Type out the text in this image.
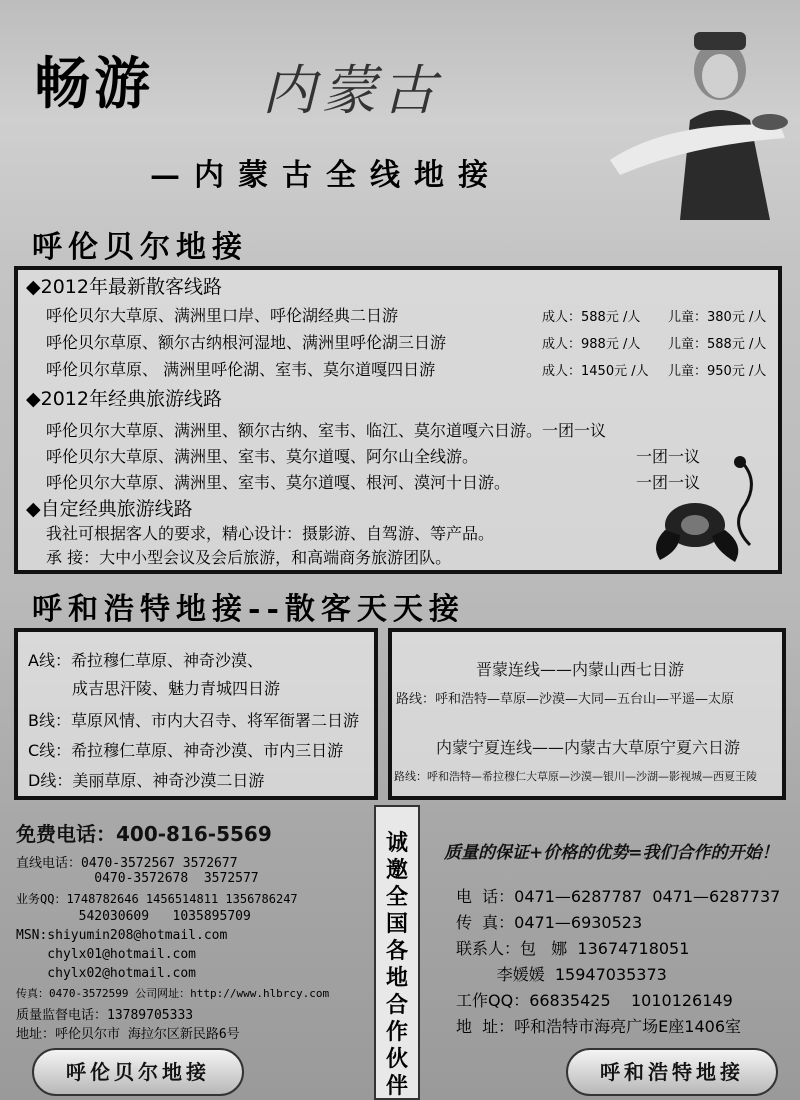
畅游 内蒙古
—内蒙古全线地接
呼伦贝尔地接
◆2012年最新散客线路
呼伦贝尔大草原、满洲里口岸、呼伦湖经典二日游	成人：588元 /人 儿童：380元 /人
呼伦贝尔草原、额尔古纳根河湿地、满洲里呼伦湖三日游	成人：988元 /人 儿童：588元 /人
呼伦贝尔草原、 满洲里呼伦湖、室韦、莫尔道嘎四日游	成人：1450元 /人 儿童：950元 /人
◆2012年经典旅游线路
呼伦贝尔大草原、满洲里、额尔古纳、室韦、临江、莫尔道嘎六日游。一团一议
呼伦贝尔大草原、满洲里、室韦、莫尔道嘎、阿尔山全线游。	一团一议
呼伦贝尔大草原、满洲里、室韦、莫尔道嘎、根河、漠河十日游。	一团一议
◆自定经典旅游线路
我社可根据客人的要求，精心设计：摄影游、自驾游、等产品。
承 接：大中小型会议及会后旅游，和高端商务旅游团队。
呼和浩特地接--散客天天接
A线：希拉穆仁草原、神奇沙漠、
成吉思汗陵、魅力青城四日游
B线：草原风情、市内大召寺、将军衙署二日游
C线：希拉穆仁草原、神奇沙漠、市内三日游
D线：美丽草原、神奇沙漠二日游
晋蒙连线——内蒙山西七日游
路线：呼和浩特—草原—沙漠—大同—五台山—平遥—太原
内蒙宁夏连线——内蒙古大草原宁夏六日游
路线：呼和浩特—希拉穆仁大草原—沙漠—银川—沙湖—影视城—西夏王陵
免费电话：400-816-5569
直线电话：0470-3572567 3572677
0470-3572678  3572577
业务QQ：1748782646 1456514811 1356786247
542030609   1035895709
MSN:shiyumin208@hotmail.com
chylx01@hotmail.com
chylx02@hotmail.com
传真：0470-3572599 公司网址：http://www.hlbrcy.com
质量监督电话：13789705333
地址：呼伦贝尔市 海拉尔区新民路6号
诚邀全国各地合作伙伴
质量的保证+价格的优势=我们合作的开始！
电  话：0471—6287787  0471—6287737
传  真：0471—6930523
联系人：包   娜  13674718051
李媛媛  15947035373
工作QQ：66835425    1010126149
地  址：呼和浩特市海亮广场E座1406室
呼伦贝尔地接	呼和浩特地接
